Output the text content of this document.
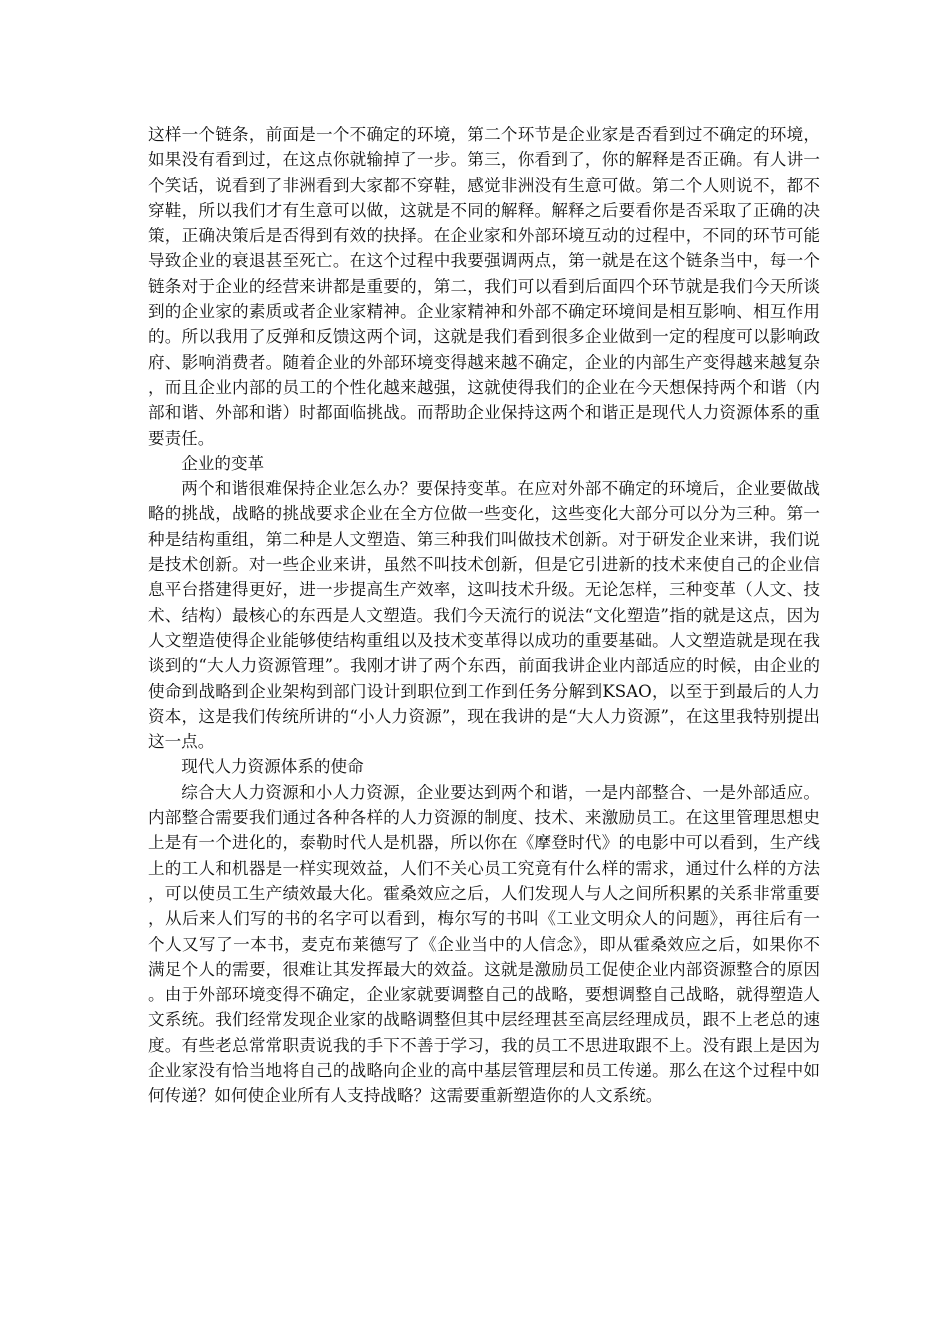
这样一个链条，前面是一个不确定的环境，第二个环节是企业家是否看到过不确定的环境，如果没有看到过，在这点你就输掉了一步。第三，你看到了，你的解释是否正确。有人讲一个笑话，说看到了非洲看到大家都不穿鞋，感觉非洲没有生意可做。第二个人则说不，都不穿鞋，所以我们才有生意可以做，这就是不同的解释。解释之后要看你是否采取了正确的决策，正确决策后是否得到有效的抉择。在企业家和外部环境互动的过程中，不同的环节可能导致企业的衰退甚至死亡。在这个过程中我要强调两点，第一就是在这个链条当中，每一个链条对于企业的经营来讲都是重要的，第二，我们可以看到后面四个环节就是我们今天所谈到的企业家的素质或者企业家精神。企业家精神和外部不确定环境间是相互影响、相互作用的。所以我用了反弹和反馈这两个词，这就是我们看到很多企业做到一定的程度可以影响政府、影响消费者。随着企业的外部环境变得越来越不确定，企业的内部生产变得越来越复杂，而且企业内部的员工的个性化越来越强，这就使得我们的企业在今天想保持两个和谐（内部和谐、外部和谐）时都面临挑战。而帮助企业保持这两个和谐正是现代人力资源体系的重要责任。

企业的变革

两个和谐很难保持企业怎么办？要保持变革。在应对外部不确定的环境后，企业要做战略的挑战，战略的挑战要求企业在全方位做一些变化，这些变化大部分可以分为三种。第一种是结构重组，第二种是人文塑造、第三种我们叫做技术创新。对于研发企业来讲，我们说是技术创新。对一些企业来讲，虽然不叫技术创新，但是它引进新的技术来使自己的企业信息平台搭建得更好，进一步提高生产效率，这叫技术升级。无论怎样，三种变革（人文、技术、结构）最核心的东西是人文塑造。我们今天流行的说法“文化塑造”指的就是这点，因为人文塑造使得企业能够使结构重组以及技术变革得以成功的重要基础。人文塑造就是现在我谈到的“大人力资源管理”。我刚才讲了两个东西，前面我讲企业内部适应的时候，由企业的使命到战略到企业架构到部门设计到职位到工作到任务分解到KSAO，以至于到最后的人力资本，这是我们传统所讲的“小人力资源”，现在我讲的是“大人力资源”，在这里我特别提出这一点。

现代人力资源体系的使命

综合大人力资源和小人力资源，企业要达到两个和谐，一是内部整合、一是外部适应。内部整合需要我们通过各种各样的人力资源的制度、技术、来激励员工。在这里管理思想史上是有一个进化的，泰勒时代人是机器，所以你在《摩登时代》的电影中可以看到，生产线上的工人和机器是一样实现效益，人们不关心员工究竟有什么样的需求，通过什么样的方法，可以使员工生产绩效最大化。霍桑效应之后，人们发现人与人之间所积累的关系非常重要，从后来人们写的书的名字可以看到，梅尔写的书叫《工业文明众人的问题》，再往后有一个人又写了一本书，麦克布莱德写了《企业当中的人信念》，即从霍桑效应之后，如果你不满足个人的需要，很难让其发挥最大的效益。这就是激励员工促使企业内部资源整合的原因。由于外部环境变得不确定，企业家就要调整自己的战略，要想调整自己战略，就得塑造人文系统。我们经常发现企业家的战略调整但其中层经理甚至高层经理成员，跟不上老总的速度。有些老总常常职责说我的手下不善于学习，我的员工不思进取跟不上。没有跟上是因为企业家没有恰当地将自己的战略向企业的高中基层管理层和员工传递。那么在这个过程中如何传递？如何使企业所有人支持战略？这需要重新塑造你的人文系统。
